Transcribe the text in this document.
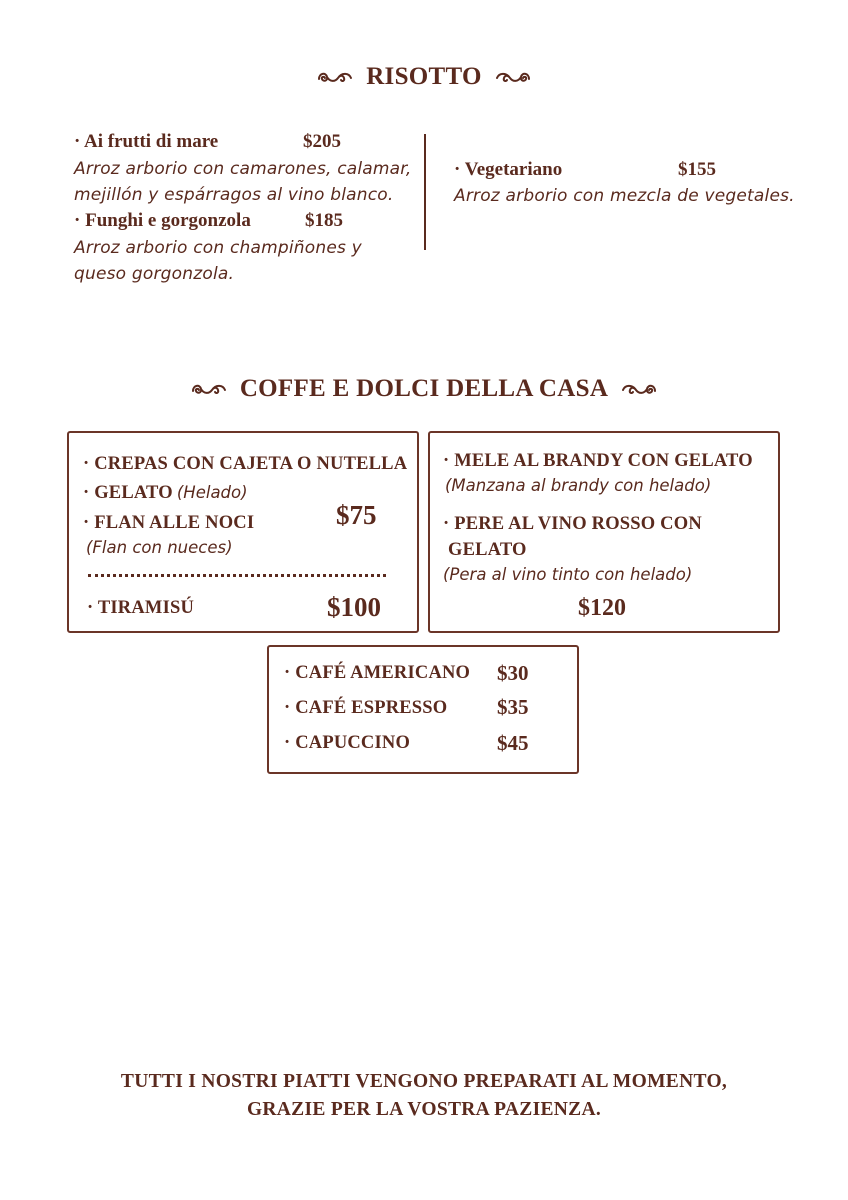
RISOTTO
· Ai frutti di mare	$205
Arroz arborio con camarones, calamar,
mejillón y espárragos al vino blanco.
· Funghi e gorgonzola	$185
Arroz arborio con champiñones y
queso gorgonzola.
· Vegetariano	$155
Arroz arborio con mezcla de vegetales.
COFFE E DOLCI DELLA CASA
· CREPAS CON CAJETA O NUTELLA
· GELATO (Helado)
· FLAN ALLE NOCI
(Flan con nueces)
$75
· TIRAMISÚ	$100
· MELE AL BRANDY CON GELATO
(Manzana al brandy con helado)
· PERE AL VINO ROSSO CON
GELATO
(Pera al vino tinto con helado)
$120
· CAFÉ AMERICANO $30
· CAFÉ ESPRESSO $35
· CAPUCCINO	$45
TUTTI I NOSTRI PIATTI VENGONO PREPARATI AL MOMENTO,
GRAZIE PER LA VOSTRA PAZIENZA.
